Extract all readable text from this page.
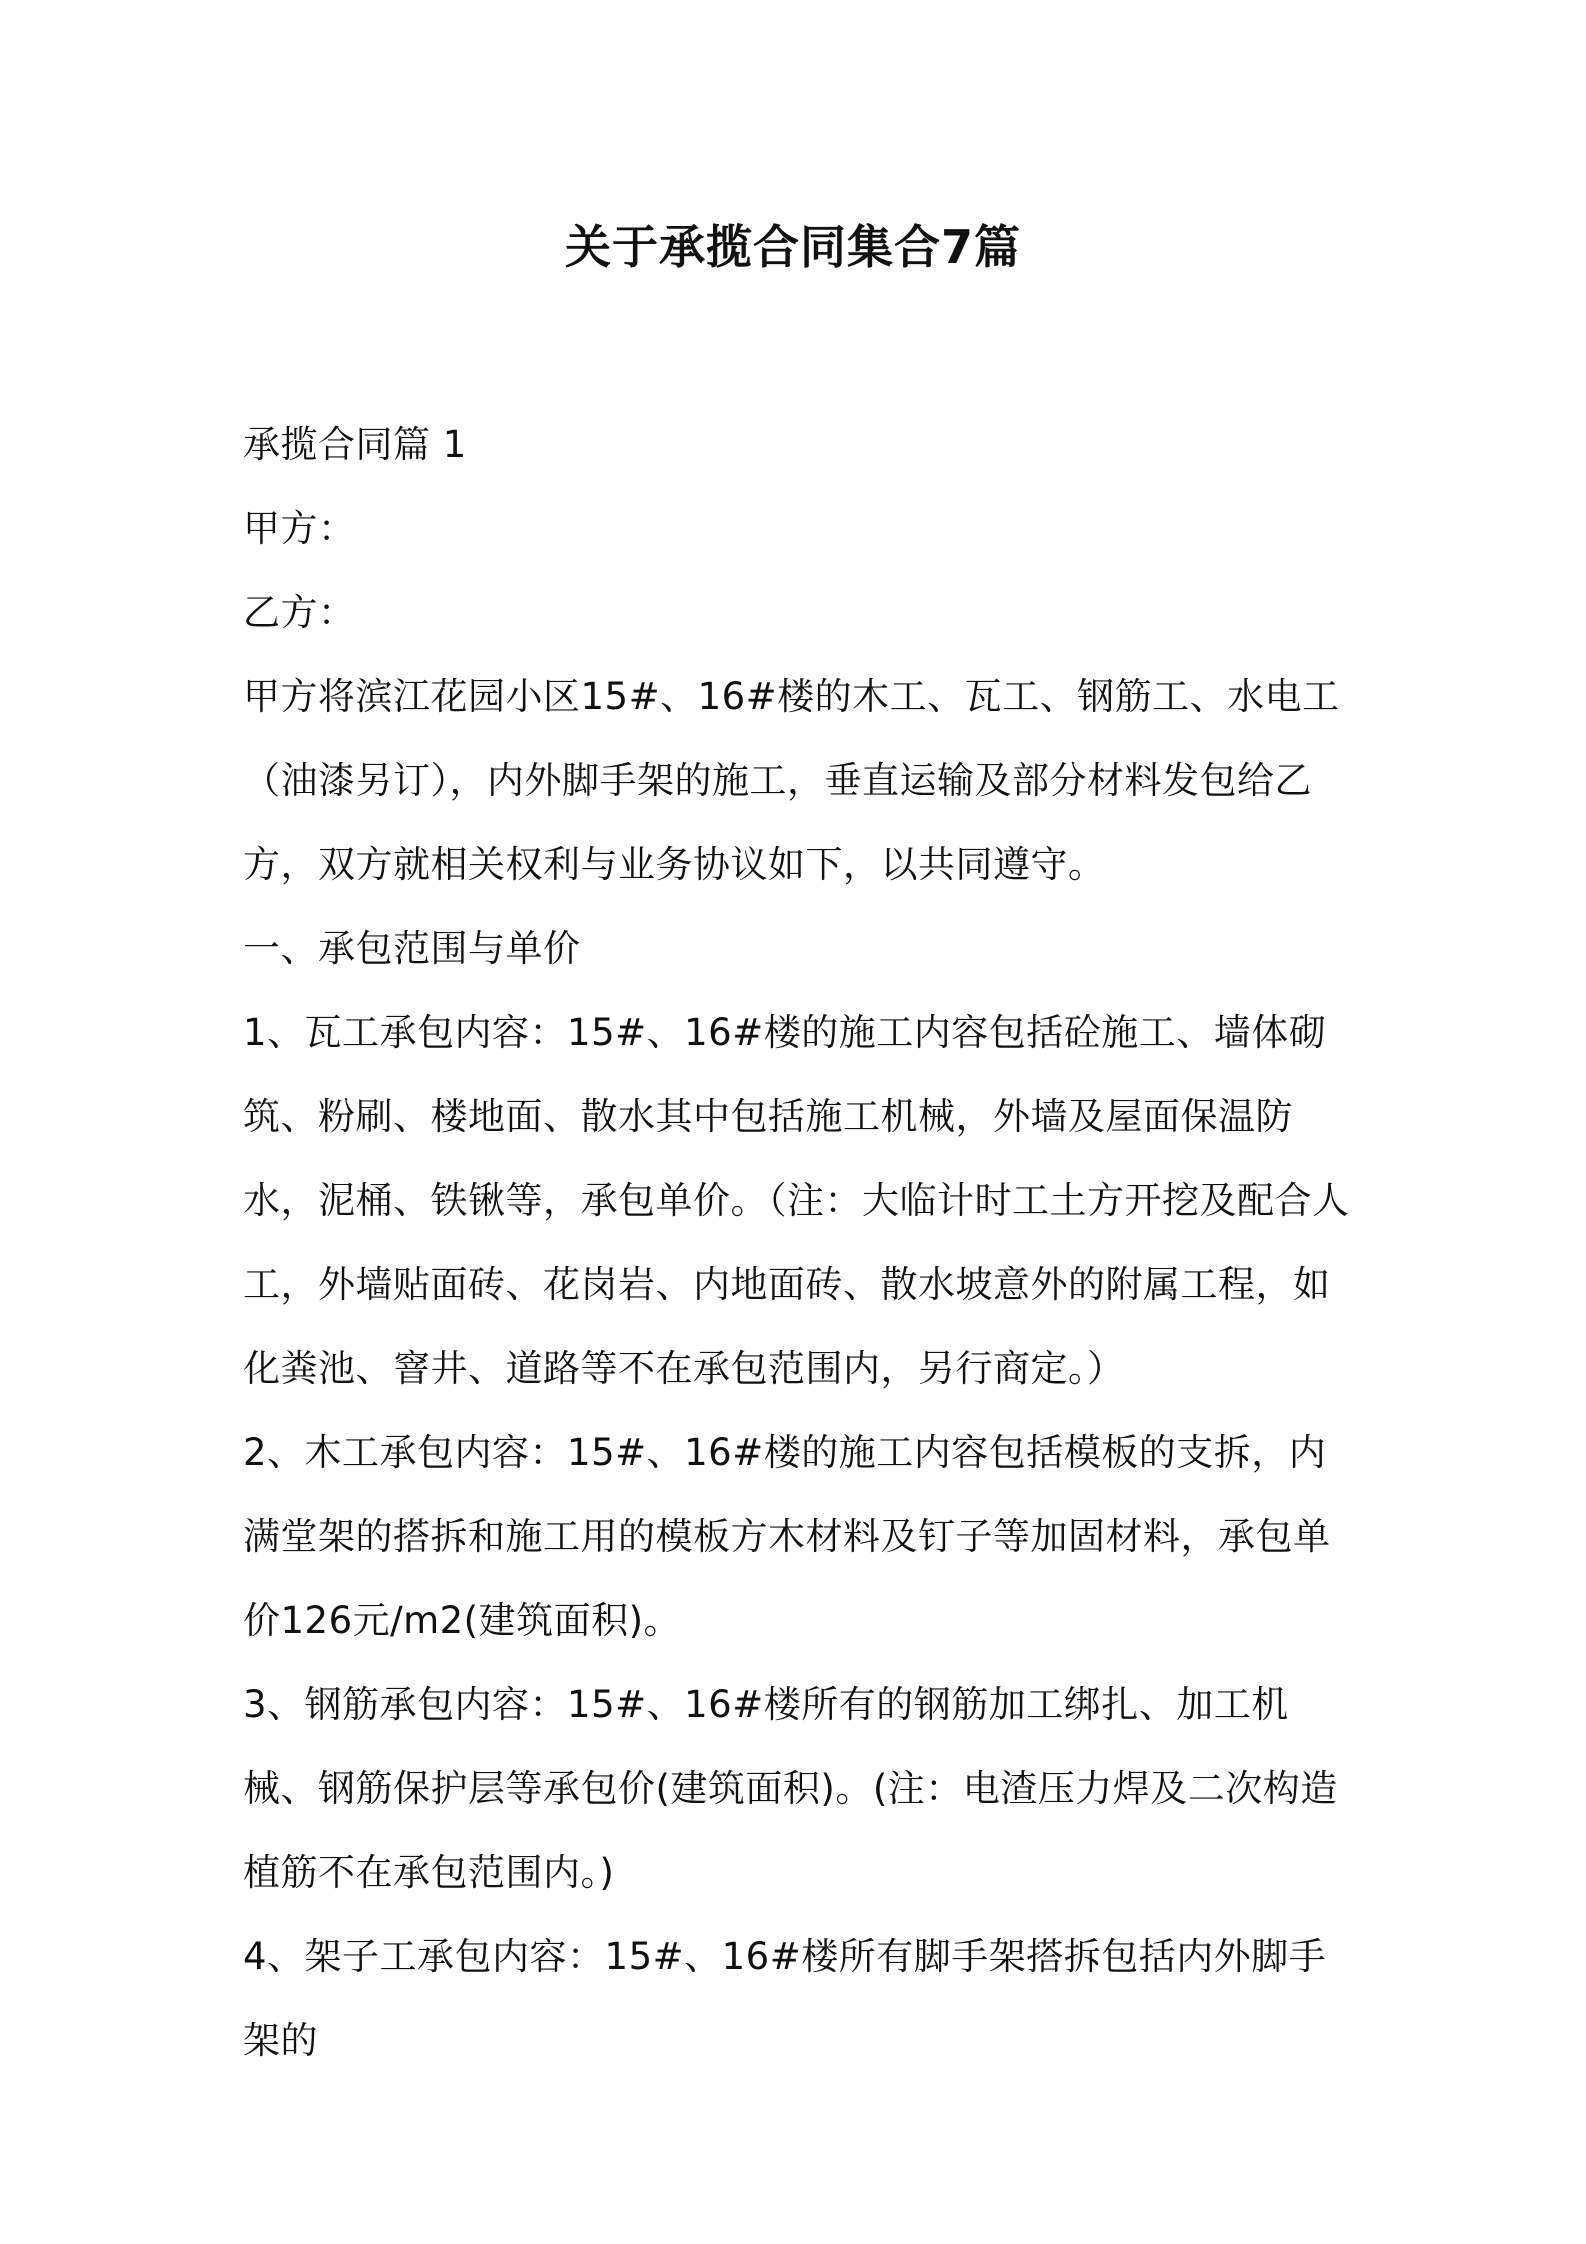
关于承揽合同集合7篇

承揽合同篇 1

甲方：

乙方：

甲方将滨江花园小区15#、16#楼的木工、瓦工、钢筋工、水电工（油漆另订），内外脚手架的施工，垂直运输及部分材料发包给乙方，双方就相关权利与业务协议如下，以共同遵守。

一、承包范围与单价

1、瓦工承包内容：15#、16#楼的施工内容包括砼施工、墙体砌筑、粉刷、楼地面、散水其中包括施工机械，外墙及屋面保温防水，泥桶、铁锹等，承包单价。（注：大临计时工土方开挖及配合人工，外墙贴面砖、花岗岩、内地面砖、散水坡意外的附属工程，如化粪池、窨井、道路等不在承包范围内，另行商定。）

2、木工承包内容：15#、16#楼的施工内容包括模板的支拆，内满堂架的搭拆和施工用的模板方木材料及钉子等加固材料，承包单价126元/m2(建筑面积)。

3、钢筋承包内容：15#、16#楼所有的钢筋加工绑扎、加工机械、钢筋保护层等承包价(建筑面积)。(注：电渣压力焊及二次构造植筋不在承包范围内。)

4、架子工承包内容：15#、16#楼所有脚手架搭拆包括内外脚手架的
